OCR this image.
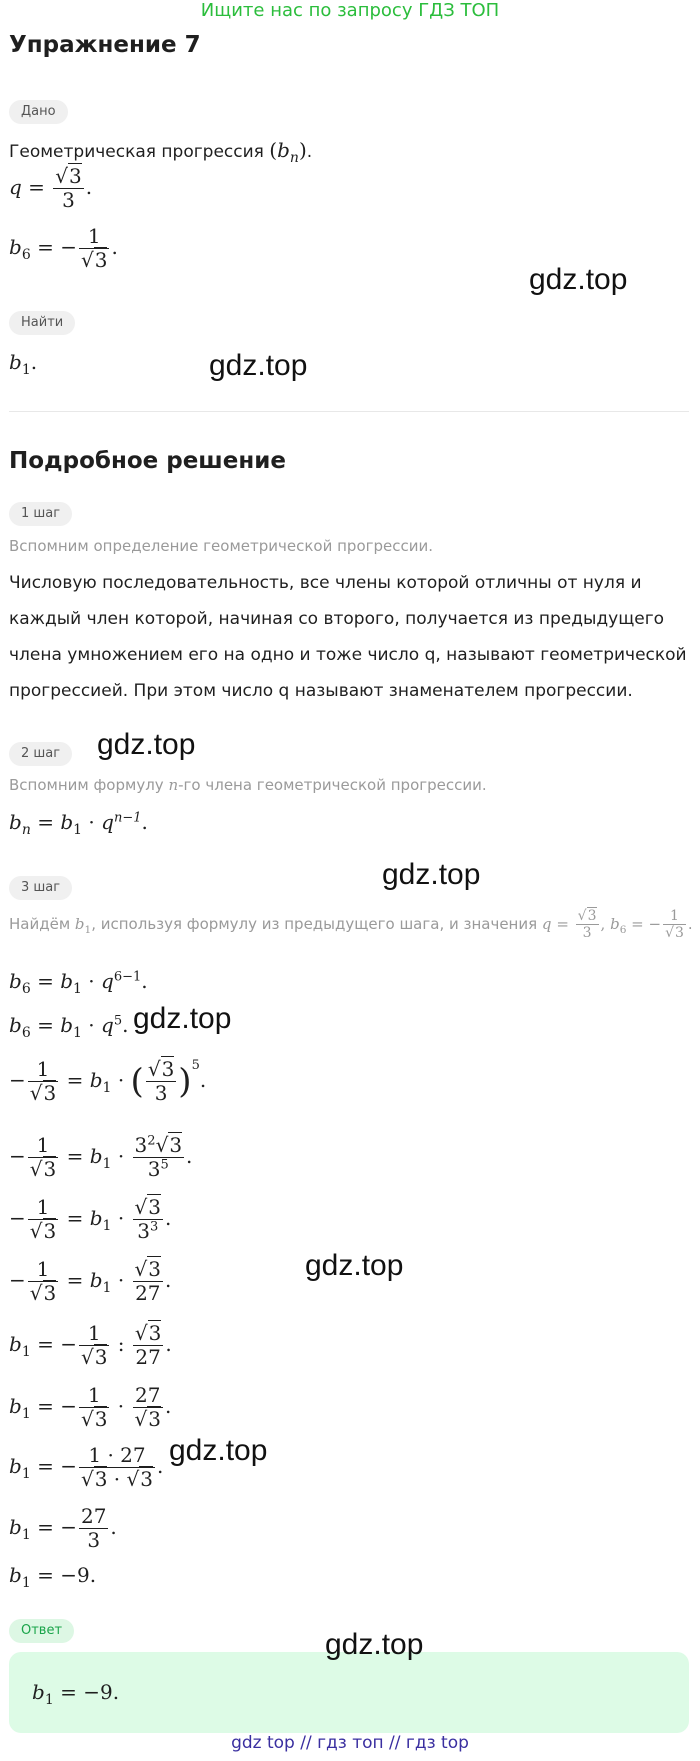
Ищите нас по запросу ГДЗ ТОП
Упражнение 7
Дано
Геометрическая прогрессия $(b_n)$.
$q = \frac{√3}{3}$ .
$b_6$ = − $\frac{1}{√3}$ .
Найти
$b_1$.
Подробное решение
1 шаг
Вспомним определение геометрической прогрессии.
Числовую последовательность, все члены которой отличны от нуля и каждый член которой, начиная со второго, получается из предыдущего члена умножением его на одно и тоже число q, называют геометрической прогрессией. При этом число q называют знаменателем прогрессии.
2 шаг
Вспомним формулу n-го члена геометрической прогрессии.
$b_n = b_1 \cdot q^{n-1}$.
3 шаг
Найдём $b_1$, используя формулу из предыдущего шага, и значения $q = \frac{√3}{3}$ , $b_6$ = − $\frac{1}{√3}$ .
$b_6 = b_1 \cdot q^{6-1}$.
$b_6 = b_1 \cdot q^5$.
− $\frac{1}{√3} = b_1$ · ( $\frac{√3}{3} )^5$.
− $\frac{1}{√3} = b_1 \cdot \frac{3^2√3}{3^5}$ .
− $\frac{1}{√3} = b_1 \cdot \frac{√3}{3^3}$ .
− $\frac{1}{√3} = b_1 \cdot \frac{√3}{27}$ .
$b_1$ = − $\frac{1}{√3}$ : $\frac{√3}{27}$ .
$b_1$ = − $\frac{1}{√3} \cdot \frac{27}{√3}$ .
$b_1$ = − $\frac{1 \cdot 27}{√3 \cdot √3}$ .
$b_1$ = − $\frac{27}{3}$ .
$b_1 = -9$.
Ответ
$b_1 = -9$.
gdz.top
gdz.top
gdz.top
gdz.top
gdz.top
gdz.top
gdz.top
gdz.top
gdz top // гдз топ // гдз top
